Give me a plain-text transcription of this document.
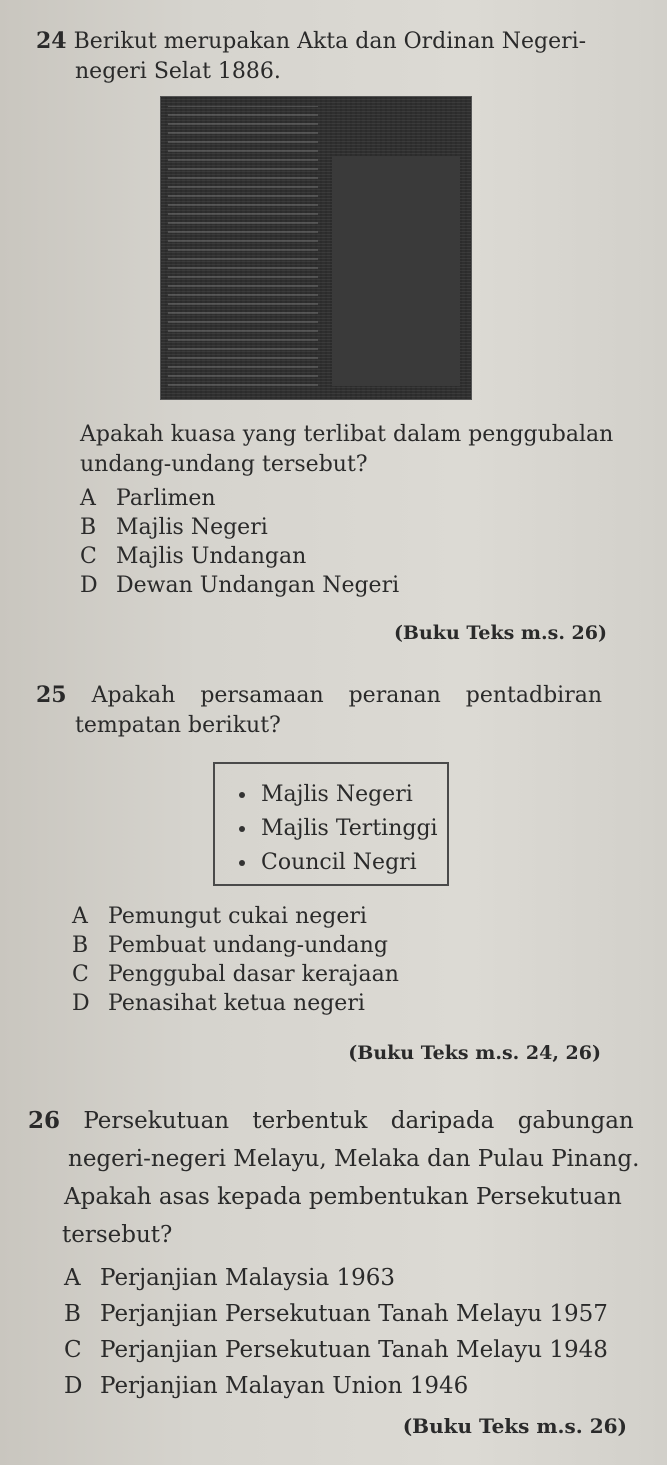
24 Berikut merupakan Akta dan Ordinan Negeri-

negeri Selat 1886.

Apakah kuasa yang terlibat dalam penggubalan

undang-undang tersebut?

A Parlimen
B Majlis Negeri
C Majlis Undangan
D Dewan Undangan Negeri
(Buku Teks m.s. 26)

25 Apakah persamaan peranan pentadbiran

tempatan berikut?

Majlis Negeri
Majlis Tertinggi
Council Negri
A Pemungut cukai negeri
B Pembuat undang-undang
C Penggubal dasar kerajaan
D Penasihat ketua negeri
(Buku Teks m.s. 24, 26)

26 Persekutuan terbentuk daripada gabungan

negeri-negeri Melayu, Melaka dan Pulau Pinang.

Apakah asas kepada pembentukan Persekutuan

tersebut?

A Perjanjian Malaysia 1963
B Perjanjian Persekutuan Tanah Melayu 1957
C Perjanjian Persekutuan Tanah Melayu 1948
D Perjanjian Malayan Union 1946
(Buku Teks m.s. 26)
